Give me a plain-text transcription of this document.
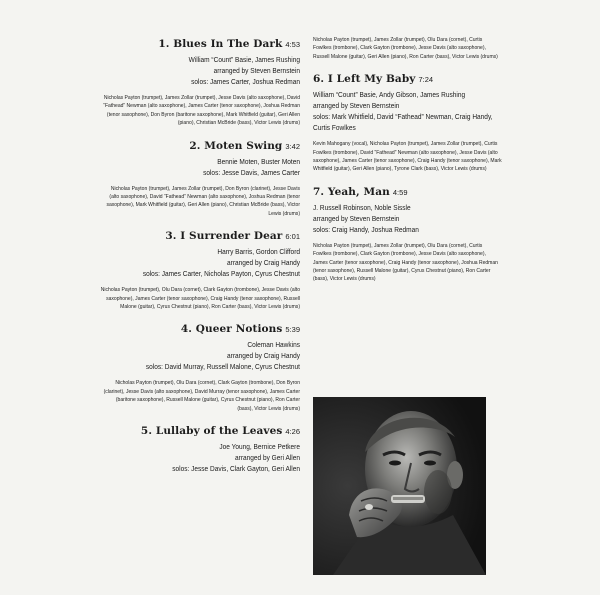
1. Blues In The Dark 4:53
William “Count” Basie, James Rushing
arranged by Steven Bernstein
solos: James Carter, Joshua Redman
Nicholas Payton (trumpet), James Zollar (trumpet), Jesse Davis (alto saxophone), David “Fathead” Newman (alto saxophone), James Carter (tenor saxophone), Joshua Redman (tenor saxophone), Don Byron (baritone saxophone), Mark Whitfield (guitar), Geri Allen (piano), Christian McBride (bass), Victor Lewis (drums)
2. Moten Swing 3:42
Bennie Moten, Buster Moten
solos: Jesse Davis, James Carter
Nicholas Payton (trumpet), James Zollar (trumpet), Don Byron (clarinet), Jesse Davis (alto saxophone), David “Fathead” Newman (alto saxophone), Joshua Redman (tenor saxophone), Mark Whitfield (guitar), Geri Allen (piano), Christian McBride (bass), Victor Lewis (drums)
3. I Surrender Dear 6:01
Harry Barris, Gordon Clifford
arranged by Craig Handy
solos: James Carter, Nicholas Payton, Cyrus Chestnut
Nicholas Payton (trumpet), Olu Dara (cornet), Clark Gayton (trombone), Jesse Davis (alto saxophone), James Carter (tenor saxophone), Craig Handy (tenor saxophone), Russell Malone (guitar), Cyrus Chestnut (piano), Ron Carter (bass), Victor Lewis (drums)
4. Queer Notions 5:39
Coleman Hawkins
arranged by Craig Handy
solos: David Murray, Russell Malone, Cyrus Chestnut
Nicholas Payton (trumpet), Olu Dara (cornet), Clark Gayton (trombone), Don Byron (clarinet), Jesse Davis (alto saxophone), David Murray (tenor saxophone), James Carter (baritone saxophone), Russell Malone (guitar), Cyrus Chestnut (piano), Ron Carter (bass), Victor Lewis (drums)
5. Lullaby of the Leaves 4:26
Joe Young, Bernice Petkere
arranged by Geri Allen
solos: Jesse Davis, Clark Gayton, Geri Allen
Nicholas Payton (trumpet), James Zollar (trumpet), Olu Dara (cornet), Curtis Fowlkes (trombone), Clark Gayton (trombone), Jesse Davis (alto saxophone), Russell Malone (guitar), Geri Allen (piano), Ron Carter (bass), Victor Lewis (drums)
6. I Left My Baby 7:24
William “Count” Basie, Andy Gibson, James Rushing
arranged by Steven Bernstein
solos: Mark Whitfield, David “Fathead” Newman, Craig Handy, Curtis Fowlkes
Kevin Mahogany (vocal), Nicholas Payton (trumpet), James Zollar (trumpet), Curtis Fowlkes (trombone), David “Fathead” Newman (alto saxophone), Jesse Davis (alto saxophone), James Carter (tenor saxophone), Craig Handy (tenor saxophone), Mark Whitfield (guitar), Geri Allen (piano), Tyrone Clark (bass), Victor Lewis (drums)
7. Yeah, Man 4:59
J. Russell Robinson, Noble Sissle
arranged by Steven Bernstein
solos: Craig Handy, Joshua Redman
Nicholas Payton (trumpet), James Zollar (trumpet), Olu Dara (cornet), Curtis Fowlkes (trombone), Clark Gayton (trombone), Jesse Davis (alto saxophone), James Carter (tenor saxophone), Craig Handy (tenor saxophone), Joshua Redman (tenor saxophone), Russell Malone (guitar), Cyrus Chestnut (piano), Ron Carter (bass), Victor Lewis (drums)
